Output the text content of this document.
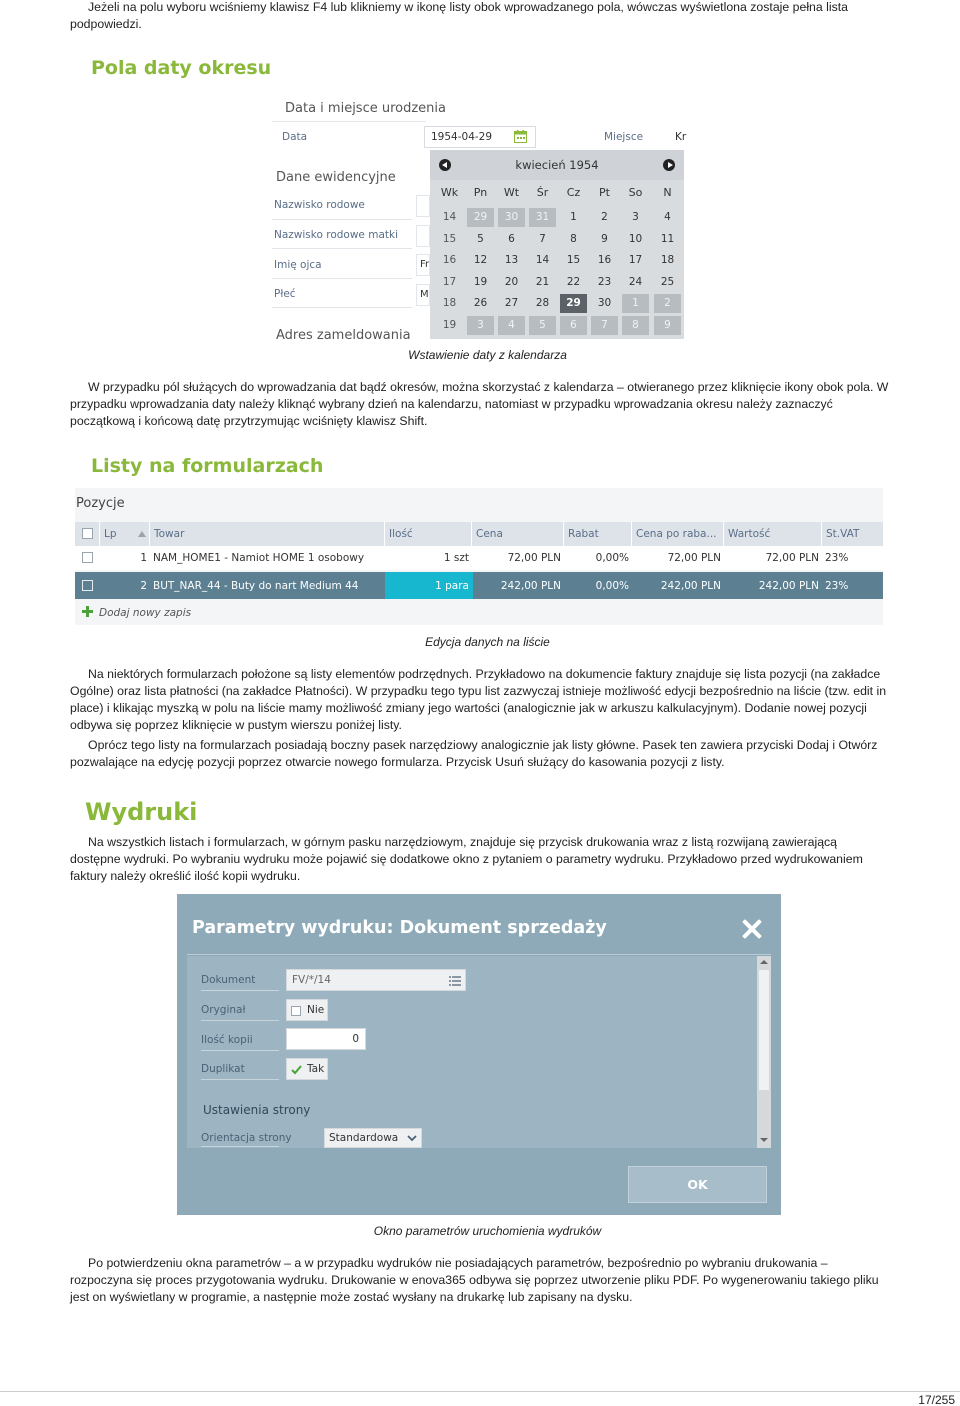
Jeżeli na polu wyboru wciśniemy klawisz F4 lub klikniemy w ikonę listy obok wprowadzanego pola, wówczas wyświetlona zostaje pełna lista podpowiedzi.

Pola daty okresu
Data i miejsce urodzenia
Data	1954-04-29	Miejsce	Kr
Dane ewidencyjne
Nazwisko rodowe
Nazwisko rodowe matki
Imię ojca	Fr
Płeć	M
Adres zameldowania
kwiecień 1954
Wk	Pn	Wt	Śr	Cz	Pt	So	N
14	29	30	31	1	2	3	4
15	5	6	7	8	9	10	11
16	12	13	14	15	16	17	18
17	19	20	21	22	23	24	25
18	26	27	28	29	30	1	2
19	3	4	5	6	7	8	9

Wstawienie daty z kalendarza

W przypadku pól służących do wprowadzania dat bądź okresów, można skorzystać z kalendarza – otwieranego przez kliknięcie ikony obok pola. W przypadku wprowadzania daty należy kliknąć wybrany dzień na kalendarzu, natomiast w przypadku wprowadzania okresu należy zaznaczyć początkową i końcową datę przytrzymując wciśnięty klawisz Shift.

Listy na formularzach
Pozycje
Lp	Towar	Ilość	Cena	Rabat	Cena po raba...	Wartość	St.VAT
1 NAM_HOME1 - Namiot HOME 1 osobowy	1 szt	72,00 PLN	0,00%	72,00 PLN	72,00 PLN 23%
2 BUT_NAR_44 - Buty do nart Medium 44	1 para	242,00 PLN	0,00%	242,00 PLN	242,00 PLN 23%
Dodaj nowy zapis

Edycja danych na liście

Na niektórych formularzach położone są listy elementów podrzędnych. Przykładowo na dokumencie faktury znajduje się lista pozycji (na zakładce Ogólne) oraz lista płatności (na zakładce Płatności). W przypadku tego typu list zazwyczaj istnieje możliwość edycji bezpośrednio na liście (tzw. edit in place) i klikając myszką w polu na liście mamy możliwość zmiany jego wartości (analogicznie jak w arkuszu kalkulacyjnym). Dodanie nowej pozycji odbywa się poprzez kliknięcie w pustym wierszu poniżej listy.

Oprócz tego listy na formularzach posiadają boczny pasek narzędziowy analogicznie jak listy główne. Pasek ten zawiera przyciski Dodaj i Otwórz pozwalające na edycję pozycji poprzez otwarcie nowego formularza. Przycisk Usuń służący do kasowania pozycji z listy.

Wydruki

Na wszystkich listach i formularzach, w górnym pasku narzędziowym, znajduje się przycisk drukowania wraz z listą rozwijaną zawierającą dostępne wydruki. Po wybraniu wydruku może pojawić się dodatkowe okno z pytaniem o parametry wydruku. Przykładowo przed wydrukowaniem faktury należy określić ilość kopii wydruku.

Parametry wydruku: Dokument sprzedaży
Dokument	FV/*/14
Oryginał	Nie
Ilość kopii	0
Duplikat	Tak
Ustawienia strony
Orientacja strony	Standardowa
OK

Okno parametrów uruchomienia wydruków

Po potwierdzeniu okna parametrów – a w przypadku wydruków nie posiadających parametrów, bezpośrednio po wybraniu drukowania – rozpoczyna się proces przygotowania wydruku. Drukowanie w enova365 odbywa się poprzez utworzenie pliku PDF. Po wygenerowaniu takiego pliku jest on wyświetlany w programie, a następnie może zostać wysłany na drukarkę lub zapisany na dysku.

17/255
